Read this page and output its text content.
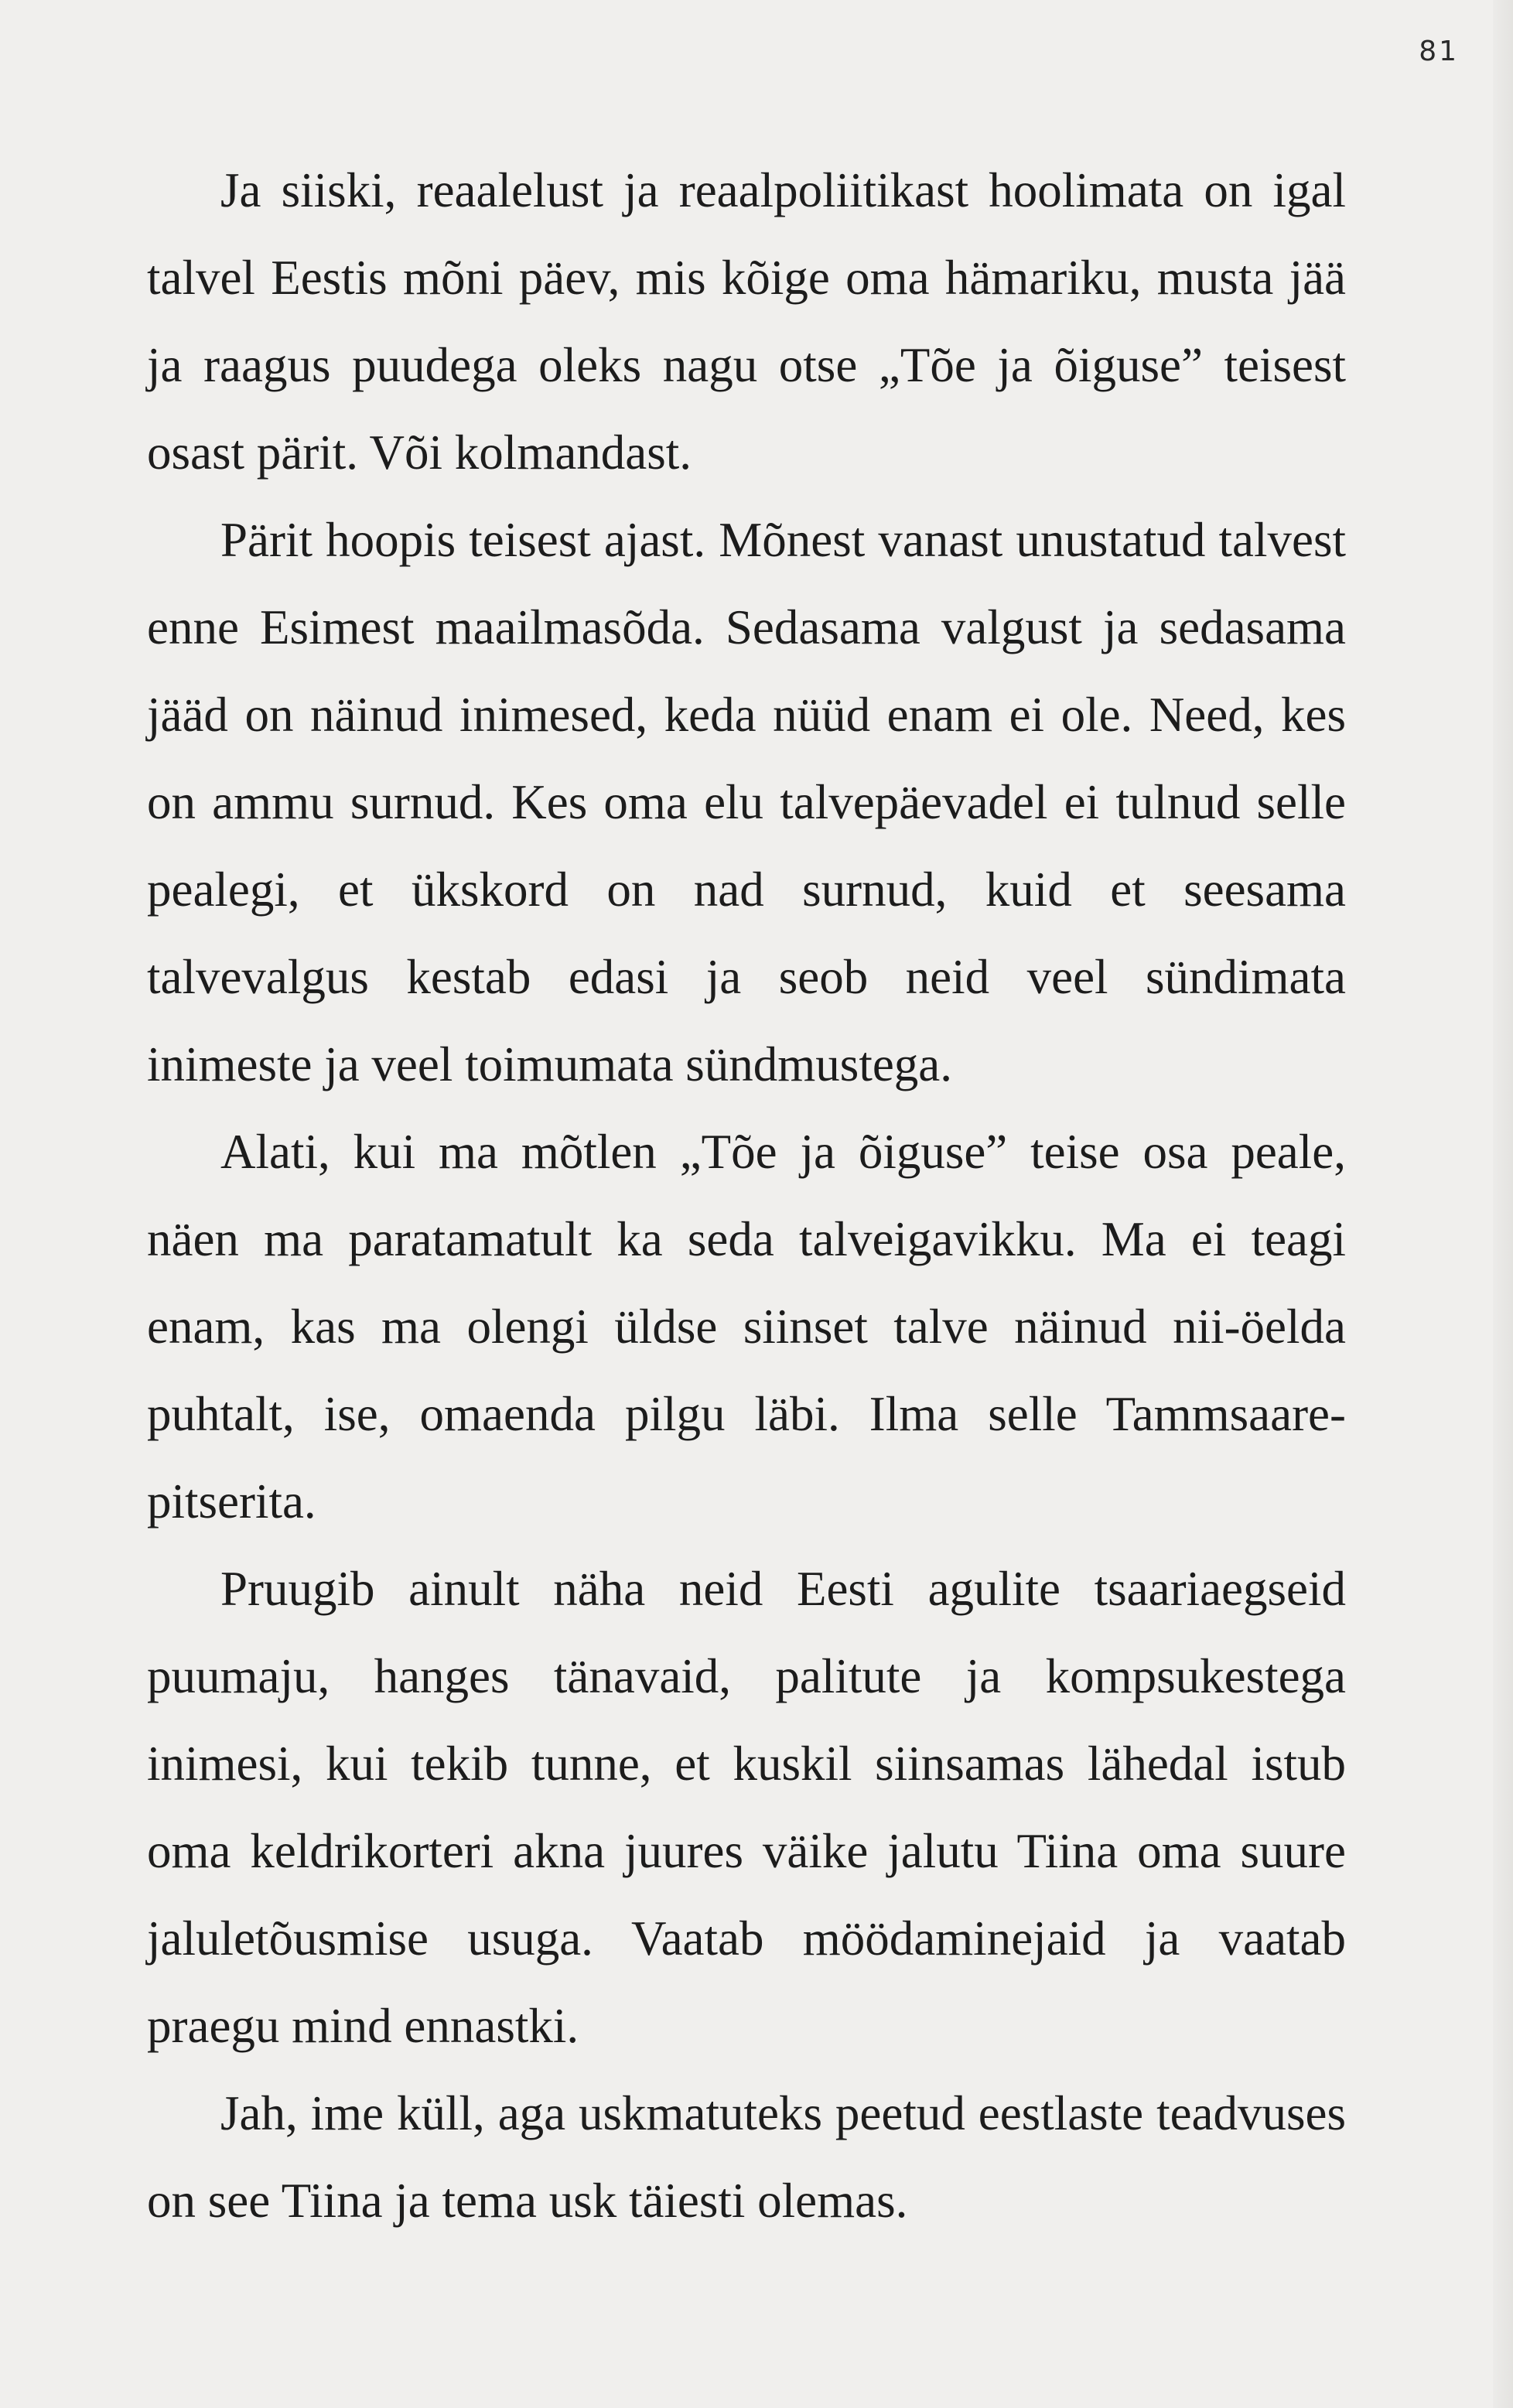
81

Ja siiski, reaalelust ja reaalpoliitikast hoolimata on igal talvel Eestis mõni päev, mis kõige oma hämariku, musta jää ja raagus puudega oleks nagu otse „Tõe ja õiguse” teisest osast pärit. Või kolmandast.

Pärit hoopis teisest ajast. Mõnest vanast unustatud talvest enne Esimest maailmasõda. Sedasama valgust ja sedasama jääd on näinud inimesed, keda nüüd enam ei ole. Need, kes on ammu surnud. Kes oma elu talvepäevadel ei tulnud selle pealegi, et ükskord on nad surnud, kuid et seesama talvevalgus kestab edasi ja seob neid veel sündimata inimeste ja veel toimumata sündmustega.

Alati, kui ma mõtlen „Tõe ja õiguse” teise osa peale, näen ma paratamatult ka seda talveigavikku. Ma ei teagi enam, kas ma olengi üldse siinset talve näinud nii-öelda puhtalt, ise, omaenda pilgu läbi. Ilma selle Tammsaare-pitserita.

Pruugib ainult näha neid Eesti agulite tsaariaegseid puumaju, hanges tänavaid, palitute ja kompsukestega inimesi, kui tekib tunne, et kuskil siinsamas lähedal istub oma keldrikorteri akna juures väike jalutu Tiina oma suure jaluletõusmise usuga. Vaatab möödaminejaid ja vaatab praegu mind ennastki.

Jah, ime küll, aga uskmatuteks peetud eestlaste teadvuses on see Tiina ja tema usk täiesti olemas.
